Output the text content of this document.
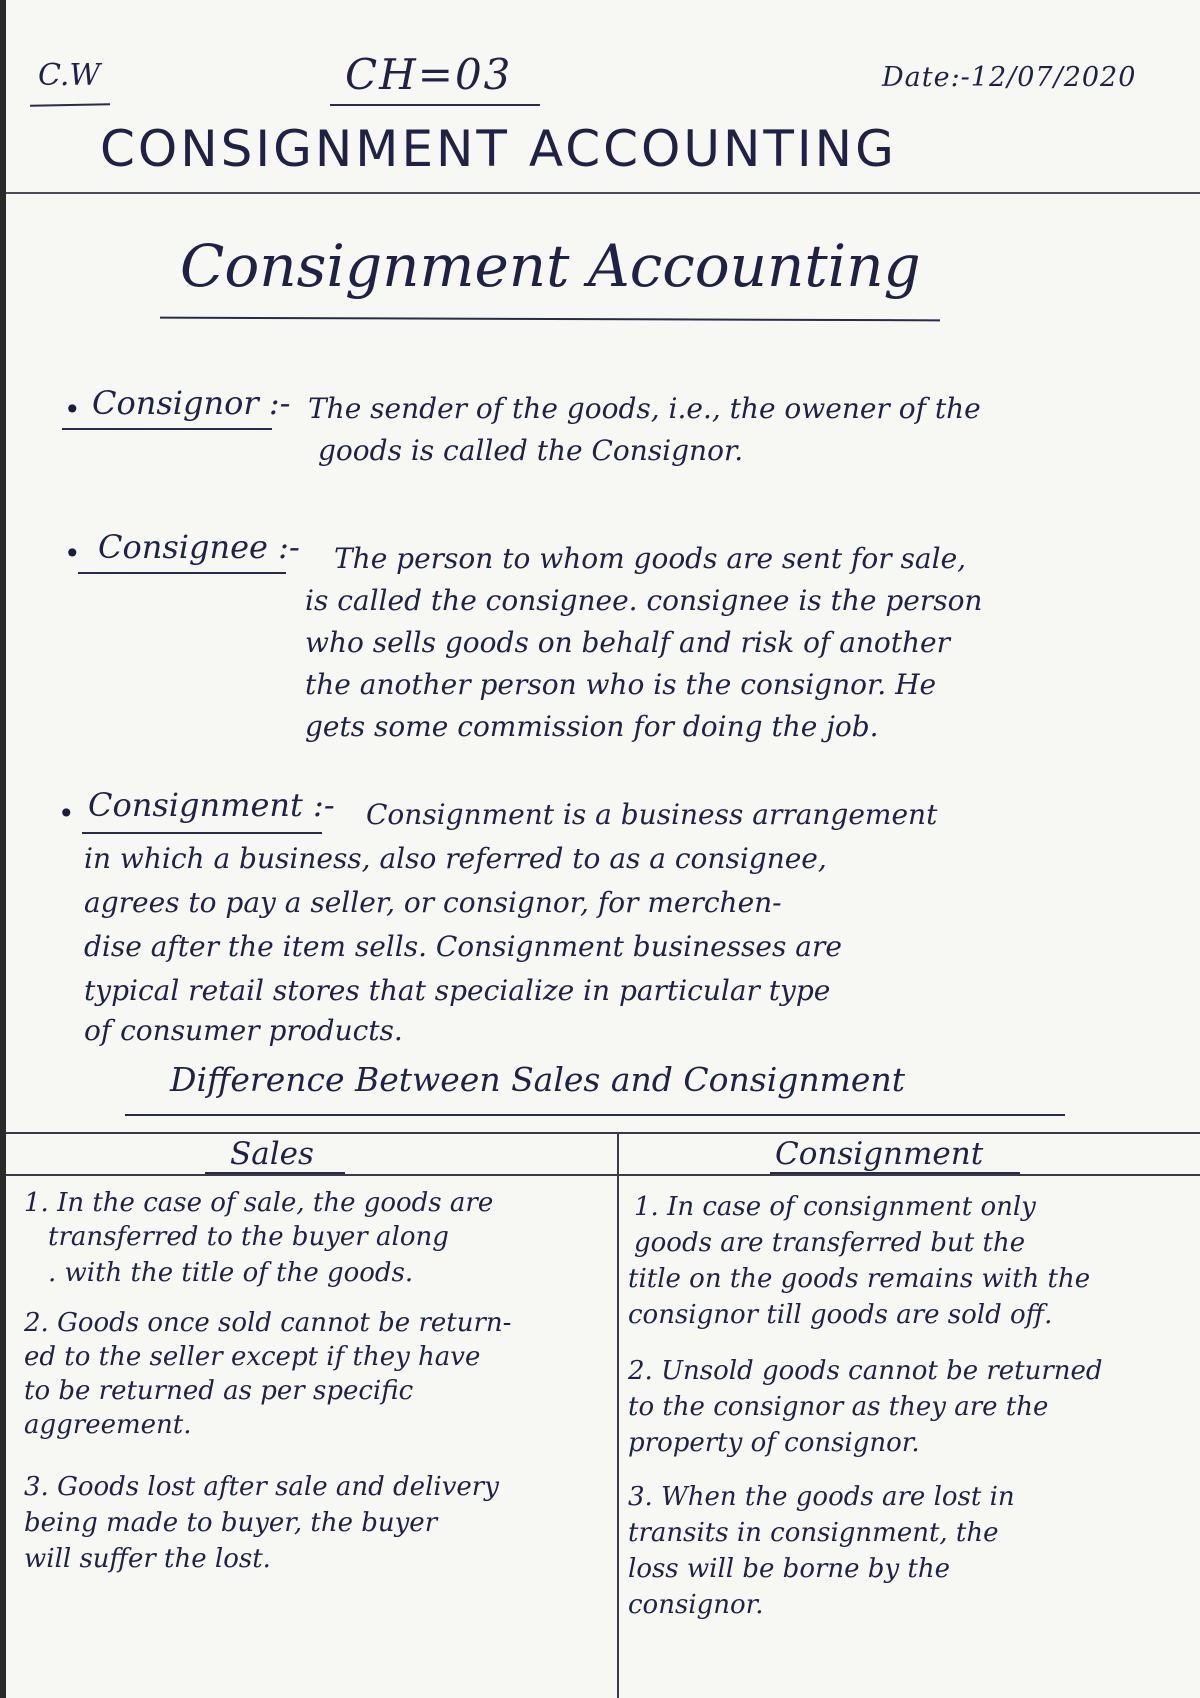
C.W	CH=03	Date:-12/07/2020
CONSIGNMENT ACCOUNTING
Consignment Accounting
• Consignor :- The sender of the goods, i.e., the owener of the
goods is called the Consignor.
• Consignee :- The person to whom goods are sent for sale,
is called the consignee. consignee is the person
who sells goods on behalf and risk of another
the another person who is the consignor. He
gets some commission for doing the job.
• Consignment :- Consignment is a business arrangement
in which a business, also referred to as a consignee,
agrees to pay a seller, or consignor, for merchen-
dise after the item sells. Consignment businesses are
typical retail stores that specialize in particular type
of consumer products.
Difference Between Sales and Consignment
Sales	Consignment
1. In the case of sale, the goods are
transferred to the buyer along
. with the title of the goods.
2. Goods once sold cannot be return-
ed to the seller except if they have
to be returned as per specific
aggreement.
3. Goods lost after sale and delivery
being made to buyer, the buyer
will suffer the lost.
1. In case of consignment only
goods are transferred but the
title on the goods remains with the
consignor till goods are sold off.
2. Unsold goods cannot be returned
to the consignor as they are the
property of consignor.
3. When the goods are lost in
transits in consignment, the
loss will be borne by the
consignor.
